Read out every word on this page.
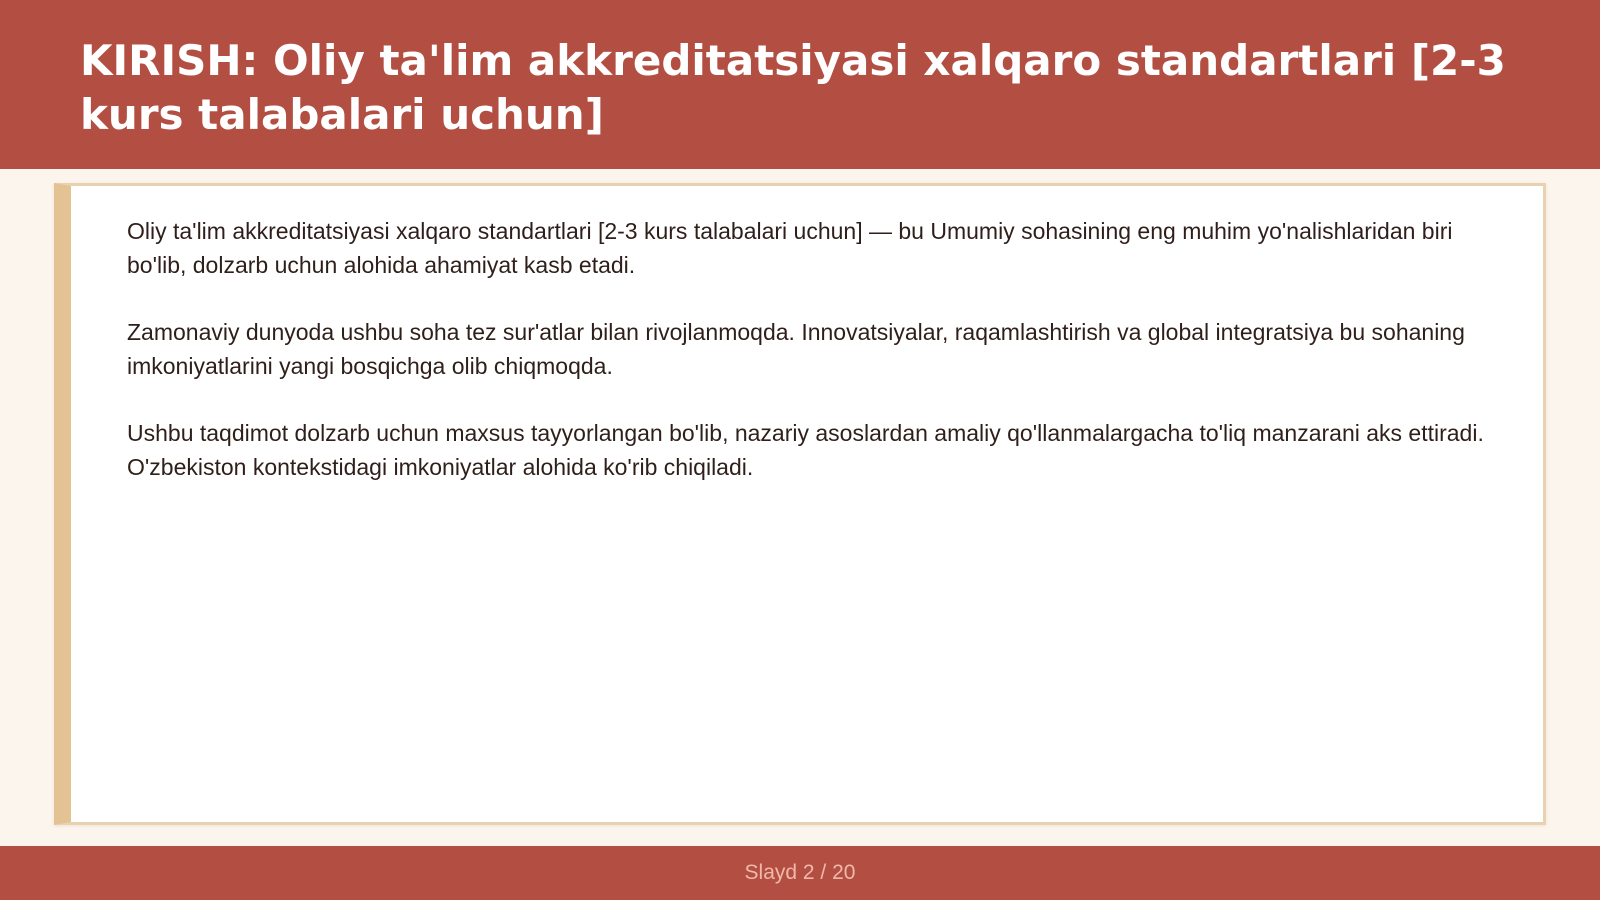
KIRISH: Oliy ta'lim akkreditatsiyasi xalqaro standartlari [2-3 kurs talabalari uchun]

Oliy ta'lim akkreditatsiyasi xalqaro standartlari [2-3 kurs talabalari uchun] — bu Umumiy sohasining eng muhim yo'nalishlaridan biri bo'lib, dolzarb uchun alohida ahamiyat kasb etadi.

Zamonaviy dunyoda ushbu soha tez sur'atlar bilan rivojlanmoqda. Innovatsiyalar, raqamlashtirish va global integratsiya bu sohaning imkoniyatlarini yangi bosqichga olib chiqmoqda.

Ushbu taqdimot dolzarb uchun maxsus tayyorlangan bo'lib, nazariy asoslardan amaliy qo'llanmalargacha to'liq manzarani aks ettiradi. O'zbekiston kontekstidagi imkoniyatlar alohida ko'rib chiqiladi.

Slayd 2 / 20
